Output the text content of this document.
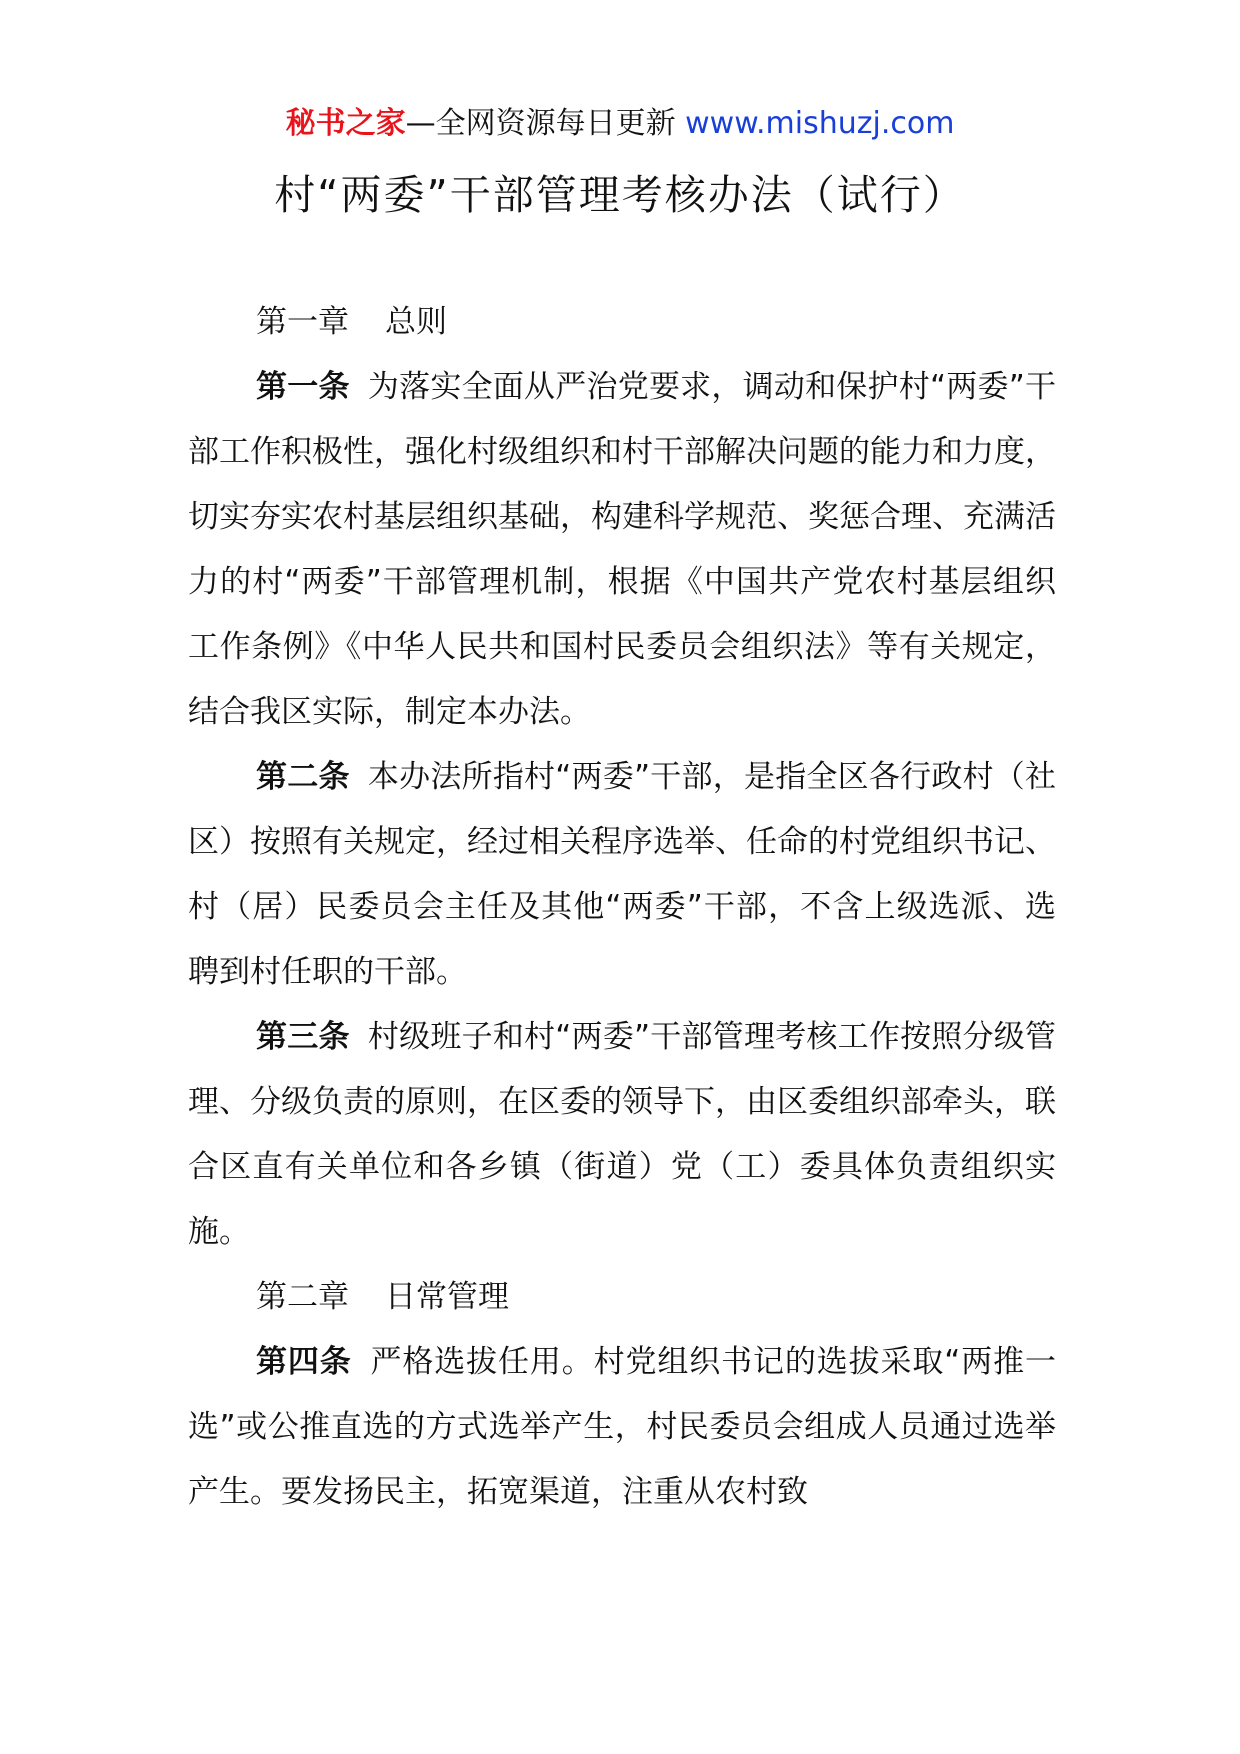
秘书之家—全网资源每日更新 www.mishuzj.com
村“两委”干部管理考核办法（试行）

第一章 总则

第一条 为落实全面从严治党要求，调动和保护村“两委”干部工作积极性，强化村级组织和村干部解决问题的能力和力度，切实夯实农村基层组织基础，构建科学规范、奖惩合理、充满活力的村“两委”干部管理机制，根据《中国共产党农村基层组织工作条例》《中华人民共和国村民委员会组织法》等有关规定，结合我区实际，制定本办法。

第二条 本办法所指村“两委”干部，是指全区各行政村（社区）按照有关规定，经过相关程序选举、任命的村党组织书记、村（居）民委员会主任及其他“两委”干部，不含上级选派、选聘到村任职的干部。

第三条 村级班子和村“两委”干部管理考核工作按照分级管理、分级负责的原则，在区委的领导下，由区委组织部牵头，联合区直有关单位和各乡镇（街道）党（工）委具体负责组织实施。

第二章 日常管理

第四条 严格选拔任用。村党组织书记的选拔采取“两推一选”或公推直选的方式选举产生，村民委员会组成人员通过选举产生。要发扬民主，拓宽渠道，注重从农村致
